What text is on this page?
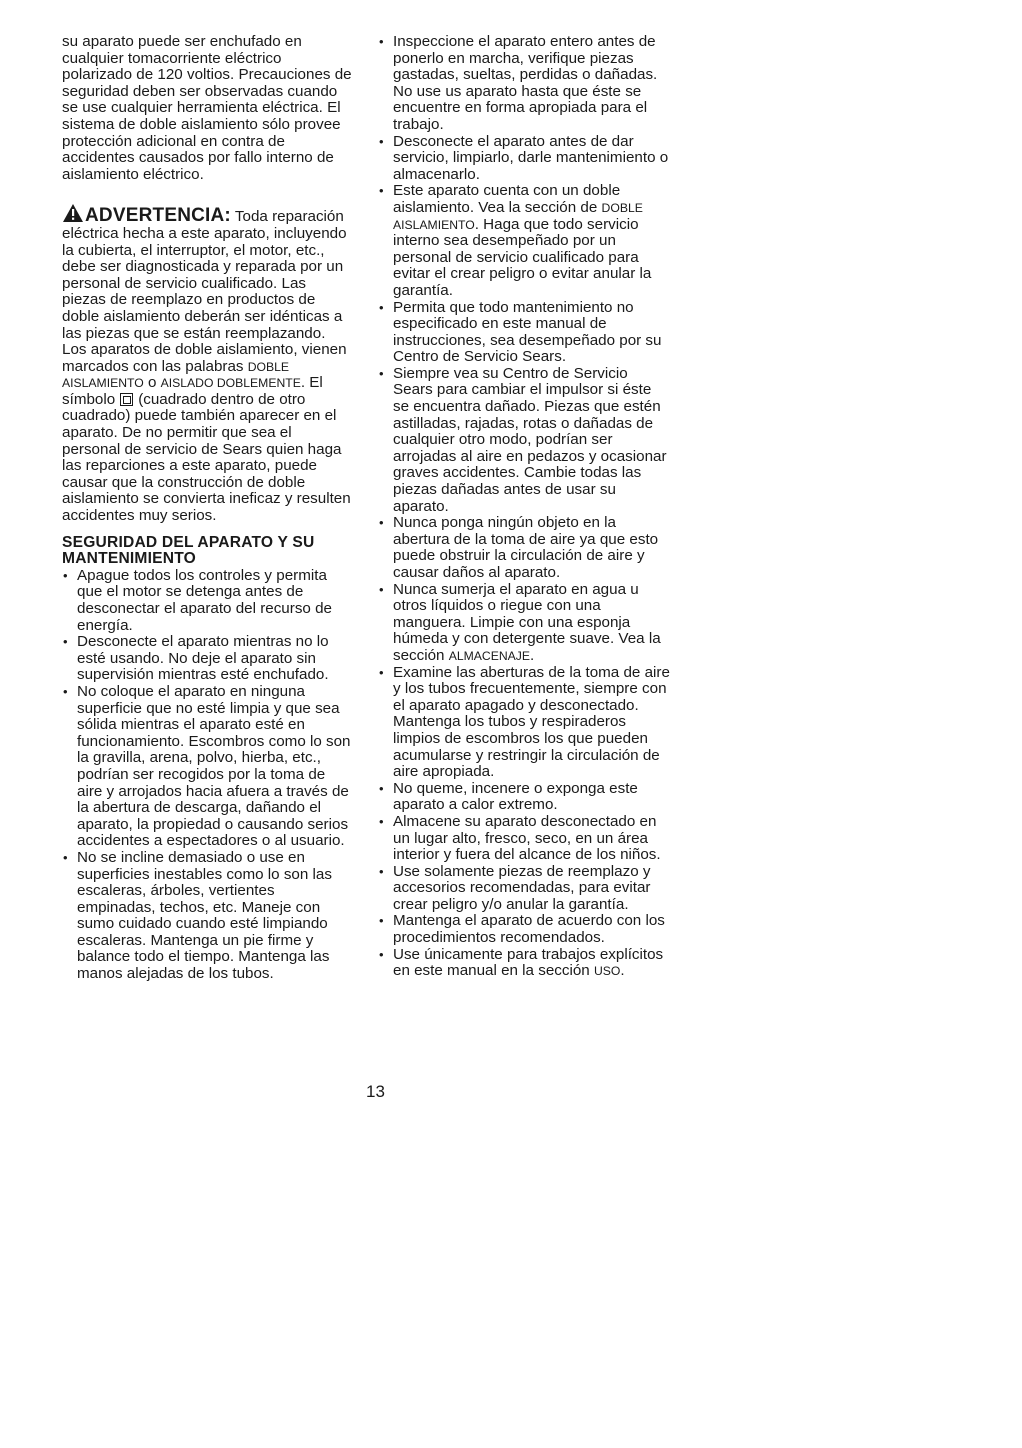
su aparato puede ser enchufado en cualquier tomacorriente eléctrico polarizado de 120 voltios. Precauciones de seguridad deben ser observadas cuando se use cualquier herramienta eléctrica. El sistema de doble aislamiento sólo provee protección adicional en contra de accidentes causados por fallo interno de aislamiento eléctrico.

ADVERTENCIA: Toda reparación eléctrica hecha a este aparato, incluyendo la cubierta, el interruptor, el motor, etc., debe ser diagnosticada y reparada por un personal de servicio cualificado. Las piezas de reemplazo en productos de doble aislamiento deberán ser idénticas a las piezas que se están reemplazando. Los aparatos de doble aislamiento, vienen marcados con las palabras DOBLE AISLAMIENTO o AISLADO DOBLEMENTE. El símbolo (cuadrado dentro de otro cuadrado) puede también aparecer en el aparato. De no permitir que sea el personal de servicio de Sears quien haga las reparciones a este aparato, puede causar que la construcción de doble aislamiento se convierta ineficaz y resulten accidentes muy serios.

SEGURIDAD DEL APARATO Y SU MANTENIMIENTO
• Apague todos los controles y permita que el motor se detenga antes de desconectar el aparato del recurso de energía.
• Desconecte el aparato mientras no lo esté usando. No deje el aparato sin supervisión mientras esté enchufado.
• No coloque el aparato en ninguna superficie que no esté limpia y que sea sólida mientras el aparato esté en funcionamiento. Escombros como lo son la gravilla, arena, polvo, hierba, etc., podrían ser recogidos por la toma de aire y arrojados hacia afuera a través de la abertura de descarga, dañando el aparato, la propiedad o causando serios accidentes a espectadores o al usuario.
• No se incline demasiado o use en superficies inestables como lo son las escaleras, árboles, vertientes empinadas, techos, etc. Maneje con sumo cuidado cuando esté limpiando escaleras. Mantenga un pie firme y balance todo el tiempo. Mantenga las manos alejadas de los tubos.
• Inspeccione el aparato entero antes de ponerlo en marcha, verifique piezas gastadas, sueltas, perdidas o dañadas. No use us aparato hasta que éste se encuentre en forma apropiada para el trabajo.
• Desconecte el aparato antes de dar servicio, limpiarlo, darle mantenimiento o almacenarlo.
• Este aparato cuenta con un doble aislamiento. Vea la sección de DOBLE AISLAMIENTO. Haga que todo servicio interno sea desempeñado por un personal de servicio cualificado para evitar el crear peligro o evitar anular la garantía.
• Permita que todo mantenimiento no especificado en este manual de instrucciones, sea desempeñado por su Centro de Servicio Sears.
• Siempre vea su Centro de Servicio Sears para cambiar el impulsor si éste se encuentra dañado. Piezas que estén astilladas, rajadas, rotas o dañadas de cualquier otro modo, podrían ser arrojadas al aire en pedazos y ocasionar graves accidentes. Cambie todas las piezas dañadas antes de usar su aparato.
• Nunca ponga ningún objeto en la abertura de la toma de aire ya que esto puede obstruir la circulación de aire y causar daños al aparato.
• Nunca sumerja el aparato en agua u otros líquidos o riegue con una manguera. Limpie con una esponja húmeda y con detergente suave. Vea la sección ALMACENAJE.
• Examine las aberturas de la toma de aire y los tubos frecuentemente, siempre con el aparato apagado y desconectado. Mantenga los tubos y respiraderos limpios de escombros los que pueden acumularse y restringir la circulación de aire apropiada.
• No queme, incenere o exponga este aparato a calor extremo.
• Almacene su aparato desconectado en un lugar alto, fresco, seco, en un área interior y fuera del alcance de los niños.
• Use solamente piezas de reemplazo y accesorios recomendadas, para evitar crear peligro y/o anular la garantía.
• Mantenga el aparato de acuerdo con los procedimientos recomendados.
• Use únicamente para trabajos explícitos en este manual en la sección USO.
13
